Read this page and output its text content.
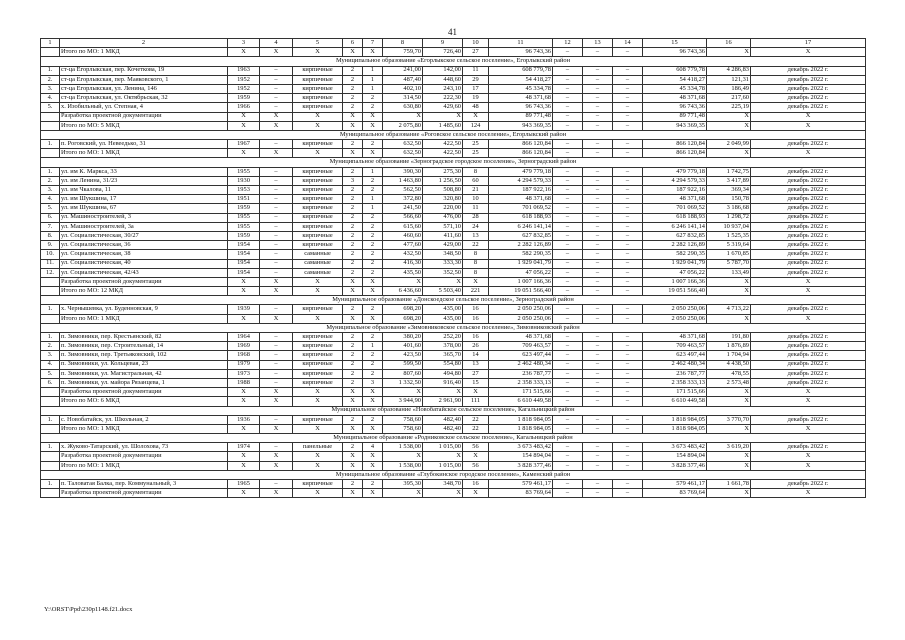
41
1	2	3	4	5	6	7	8	9	10	11	12	13	14	15	16	17
	Итого по МО: 1 МКД	X	X	X	X	X	759,70	726,40	27	96 743,36	–	–	–	96 743,36	X	X
Муниципальное образование «Егорлыкское сельское поселение», Егорлыкский район																
1.	ст-ца Егорлыкская, пер. Кочеткова, 19	1963	–	кирпичные	2	1	241,00	142,00	11	608 779,78	–	–	–	608 779,78	4 286,83	декабрь 2022 г.
2.	ст-ца Егорлыкская, пер. Маяковского, 1	1952	–	кирпичные	2	1	487,40	448,60	29	54 418,27	–	–	–	54 418,27	121,31	декабрь 2022 г.
3.	ст-ца Егорлыкская, ул. Ленина, 146	1952	–	кирпичные	2	1	402,10	243,10	17	45 334,78	–	–	–	45 334,78	186,49	декабрь 2022 г.
4.	ст-ца Егорлыкская, ул. Октябрьская, 32	1959	–	кирпичные	2	2	314,50	222,30	19	48 371,68	–	–	–	48 371,68	217,60	декабрь 2022 г.
5.	х. Изобильный, ул. Степная, 4	1966	–	кирпичные	2	2	630,80	429,60	48	96 743,36	–	–	–	96 743,36	225,19	декабрь 2022 г.
	Разработка проектной документации	X	X	X	X	X	X	X	X	89 771,48	–	–	–	89 771,48	X	X
	Итого по МО: 5 МКД	X	X	X	X	X	2 075,80	1 485,60	124	943 369,35	–	–	–	943 369,35	X	X
Муниципальное образование «Роговское сельское поселение», Егорлыкский район																
1.	п. Роговский, ул. Невеедько, 31	1967	–	кирпичные	2	2	632,50	422,50	25	866 120,84	–	–	–	866 120,84	2 049,99	декабрь 2022 г.
	Итого по МО: 1 МКД	X	X	X	X	X	632,50	422,50	25	866 120,84	–	–	–	866 120,84	X	X
Муниципальное образование «Зерноградское городское поселение», Зерноградский район																
1.	ул. им К. Маркса, 33	1955	–	кирпичные	2	1	390,30	275,30	8	479 779,18	–	–	–	479 779,18	1 742,75	декабрь 2022 г.
2.	ул. им Ленина, 31/23	1930	–	кирпичные	3	2	1 463,80	1 256,50	60	4 294 579,33	–	–	–	4 294 579,33	3 417,89	декабрь 2022 г.
3.	ул. им Чкалова, 11	1953	–	кирпичные	2	2	562,50	508,80	21	187 922,16	–	–	–	187 922,16	369,34	декабрь 2022 г.
4.	ул. им Шукшина, 17	1951	–	кирпичные	2	1	372,80	320,80	10	48 371,68	–	–	–	48 371,68	150,78	декабрь 2022 г.
5.	ул. им Шукшина, 67	1959	–	кирпичные	2	1	241,50	220,00	11	701 069,52	–	–	–	701 069,52	3 186,68	декабрь 2022 г.
6.	ул. Машиностроителей, 3	1955	–	кирпичные	2	2	566,60	476,00	28	618 188,93	–	–	–	618 188,93	1 298,72	декабрь 2022 г.
7.	ул. Машиностроителей, 3а	1955	–	кирпичные	2	2	615,60	571,10	24	6 246 141,14	–	–	–	6 246 141,14	10 937,04	декабрь 2022 г.
8.	ул. Социалистическая, 30/27	1959	–	кирпичные	2	2	460,60	411,60	13	627 832,85	–	–	–	627 832,85	1 525,35	декабрь 2022 г.
9.	ул. Социалистическая, 36	1954	–	кирпичные	2	2	477,60	429,00	22	2 282 126,89	–	–	–	2 282 126,89	5 319,64	декабрь 2022 г.
10.	ул. Социалистическая, 38	1954	–	саманные	2	2	432,50	348,50	8	582 290,35	–	–	–	582 290,35	1 670,85	декабрь 2022 г.
11.	ул. Социалистическая, 40	1954	–	саманные	2	2	416,30	333,30	8	1 929 041,79	–	–	–	1 929 041,79	5 787,70	декабрь 2022 г.
12.	ул. Социалистическая, 42/43	1954	–	саманные	2	2	435,50	352,50	8	47 056,22	–	–	–	47 056,22	133,49	декабрь 2022 г.
	Разработка проектной документации	X	X	X	X	X	X	X	X	1 007 166,36	–	–	–	1 007 166,36	X	X
	Итого по МО: 12 МКД	X	X	X	X	X	6 436,60	5 503,40	221	19 051 566,40	–	–	–	19 051 566,40	X	X
Муниципальное образование «Донскоедское сельское поселение», Зерноградский район																
1.	х. Чернышевка, ул. Буденновская, 9	1939	–	кирпичные	2	2	698,20	435,00	16	2 050 250,06	–	–	–	2 050 250,06	4 713,22	декабрь 2022 г.
	Итого по МО: 1 МКД	X	X	X	X	X	698,20	435,00	16	2 050 250,06	–	–	–	2 050 250,06	X	X
Муниципальное образование «Зимовниковское сельское поселение», Зимовниковский район																
1.	п. Зимовники, пер. Крестьянский, 82	1964	–	кирпичные	2	2	380,20	252,20	16	48 371,68	–	–	–	48 371,68	191,80	декабрь 2022 г.
2.	п. Зимовники, пер. Строительный, 14	1969	–	кирпичные	2	1	401,60	378,00	26	709 463,57	–	–	–	709 463,57	1 876,89	декабрь 2022 г.
3.	п. Зимовники, пер. Третьяковский, 102	1968	–	кирпичные	2	2	423,50	365,70	14	623 497,44	–	–	–	623 497,44	1 704,94	декабрь 2022 г.
4.	п. Зимовники, ул. Кольцевая, 23	1979	–	кирпичные	2	2	599,50	554,80	13	2 462 480,34	–	–	–	2 462 480,34	4 438,50	декабрь 2022 г.
5.	п. Зимовники, ул. Магистральная, 42	1973	–	кирпичные	2	2	807,60	494,80	27	236 787,77	–	–	–	236 787,77	478,55	декабрь 2022 г.
6.	п. Зимовники, ул. майора Рязанцева, 1	1988	–	кирпичные	2	3	1 332,50	916,40	15	2 358 333,13	–	–	–	2 358 333,13	2 573,48	декабрь 2022 г.
	Разработка проектной документации	X	X	X	X	X	X	X	X	171 515,66	–	–	–	171 515,66	X	X
	Итого по МО: 6 МКД	X	X	X	X	X	3 944,90	2 961,90	111	6 610 449,58	–	–	–	6 610 449,58	X	X
Муниципальное образование «Новобатайское сельское поселение», Кагальницкий район																
1.	с. Новобатайск, ул. Школьная, 2	1936	–	кирпичные	2	2	758,60	482,40	22	1 818 984,05	–	–	–	1 818 984,05	3 770,70	декабрь 2022 г.
	Итого по МО: 1 МКД	X	X	X	X	X	758,60	482,40	22	1 818 984,05	–	–	–	1 818 984,05	X	X
Муниципальное образование «Родниковское сельское поселение», Кагальницкий район																
1.	х. Жуково-Татарский, ул. Шолохова, 73	1974	–	панельные	2	4	1 538,00	1 015,00	56	3 673 483,42	–	–	–	3 673 483,42	3 619,20	декабрь 2022 г.
	Разработка проектной документации	X	X	X	X	X	X	X	X	154 894,04	–	–	–	154 894,04	X	X
	Итого по МО: 1 МКД	X	X	X	X	X	1 538,00	1 015,00	56	3 828 377,46	–	–	–	3 828 377,46	X	X
Муниципальное образование «Глубокинское городское поселение», Каменский район																
1.	п. Таловатая Балка, пер. Коммунальный, 3	1965	–	кирпичные	2	2	395,30	348,70	16	579 461,17	–	–	–	579 461,17	1 661,78	декабрь 2022 г.
	Разработка проектной документации	X	X	X	X	X	X	X	X	83 769,64	–	–	–	83 769,64	X	X
Y:\ORST\Ppd\230p1148.f21.docx
